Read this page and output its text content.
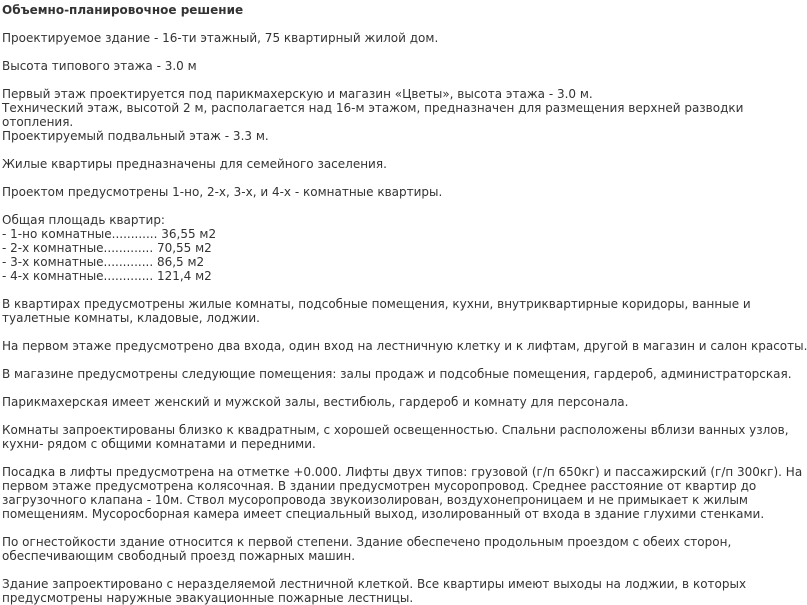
Объемно-планировочное решение
Проектируемое здание - 16-ти этажный, 75 квартирный жилой дом.
Высота типового этажа - 3.0 м
Первый этаж проектируется под парикмахерскую и магазин «Цветы», высота этажа - 3.0 м.
Технический этаж, высотой 2 м, располагается над 16-м этажом, предназначен для размещения верхней разводки
отопления.
Проектируемый подвальный этаж - 3.3 м.
Жилые квартиры предназначены для семейного заселения.
Проектом предусмотрены 1-но, 2-х, 3-х, и 4-х - комнатные квартиры.
Общая площадь квартир:
- 1-но комнатные............ 36,55 м2
- 2-х комнатные............. 70,55 м2
- 3-х комнатные............. 86,5 м2
- 4-х комнатные............. 121,4 м2
В квартирах предусмотрены жилые комнаты, подсобные помещения, кухни, внутриквартирные коридоры, ванные и
туалетные комнаты, кладовые, лоджии.
На первом этаже предусмотрено два входа, один вход на лестничную клетку и к лифтам, другой в магазин и салон красоты.
В магазине предусмотрены следующие помещения: залы продаж и подсобные помещения, гардероб, администраторская.
Парикмахерская имеет женский и мужской залы, вестибюль, гардероб и комнату для персонала.
Комнаты запроектированы близко к квадратным, с хорошей освещенностью. Спальни расположены вблизи ванных узлов,
кухни- рядом с общими комнатами и передними.
Посадка в лифты предусмотрена на отметке +0.000. Лифты двух типов: грузовой (г/п 650кг) и пассажирский (г/п 300кг). На
первом этаже предусмотрена колясочная. В здании предусмотрен мусоропровод. Среднее расстояние от квартир до
загрузочного клапана - 10м. Ствол мусоропровода звукоизолирован, воздухонепроницаем и не примыкает к жилым
помещениям. Мусоросборная камера имеет специальный выход, изолированный от входа в здание глухими стенками.
По огнестойкости здание относится к первой степени. Здание обеспечено продольным проездом с обеих сторон,
обеспечивающим свободный проезд пожарных машин.
Здание запроектировано с неразделяемой лестничной клеткой. Все квартиры имеют выходы на лоджии, в которых
предусмотрены наружные эвакуационные пожарные лестницы.
